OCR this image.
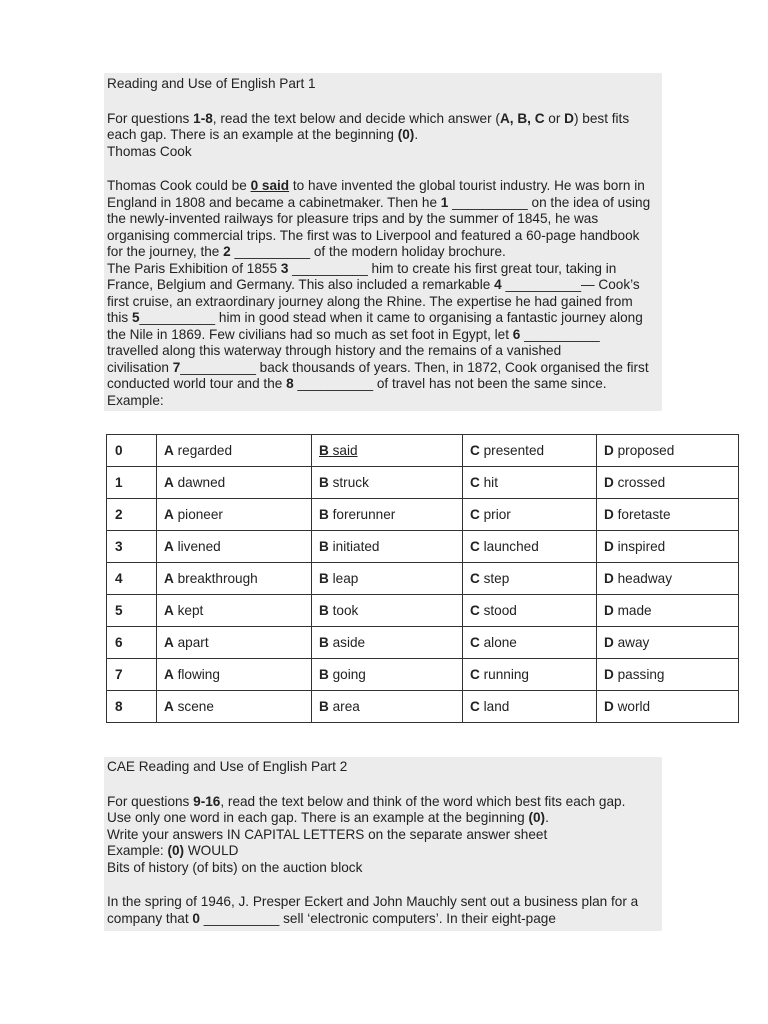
Reading and Use of English Part 1
For questions 1-8, read the text below and decide which answer (A, B, C or D) best fits
each gap. There is an example at the beginning (0).
Thomas Cook
Thomas Cook could be 0 said to have invented the global tourist industry. He was born in
England in 1808 and became a cabinetmaker. Then he 1 __________ on the idea of using
the newly-invented railways for pleasure trips and by the summer of 1845, he was
organising commercial trips. The first was to Liverpool and featured a 60-page handbook
for the journey, the 2 __________ of the modern holiday brochure.
The Paris Exhibition of 1855 3 __________ him to create his first great tour, taking in
France, Belgium and Germany. This also included a remarkable 4 __________— Cook’s
first cruise, an extraordinary journey along the Rhine. The expertise he had gained from
this 5__________ him in good stead when it came to organising a fantastic journey along
the Nile in 1869. Few civilians had so much as set foot in Egypt, let 6 __________
travelled along this waterway through history and the remains of a vanished
civilisation 7__________ back thousands of years. Then, in 1872, Cook organised the first
conducted world tour and the 8 __________ of travel has not been the same since.
Example:
0	A regarded	B said	C presented	D proposed
1	A dawned	B struck	C hit	D crossed
2	A pioneer	B forerunner	C prior	D foretaste
3	A livened	B initiated	C launched	D inspired
4	A breakthrough	B leap	C step	D headway
5	A kept	B took	C stood	D made
6	A apart	B aside	C alone	D away
7	A flowing	B going	C running	D passing
8	A scene	B area	C land	D world
CAE Reading and Use of English Part 2
For questions 9-16, read the text below and think of the word which best fits each gap.
Use only one word in each gap. There is an example at the beginning (0).
Write your answers IN CAPITAL LETTERS on the separate answer sheet
Example: (0) WOULD
Bits of history (of bits) on the auction block
In the spring of 1946, J. Presper Eckert and John Mauchly sent out a business plan for a
company that 0 __________ sell ‘electronic computers’. In their eight-page
